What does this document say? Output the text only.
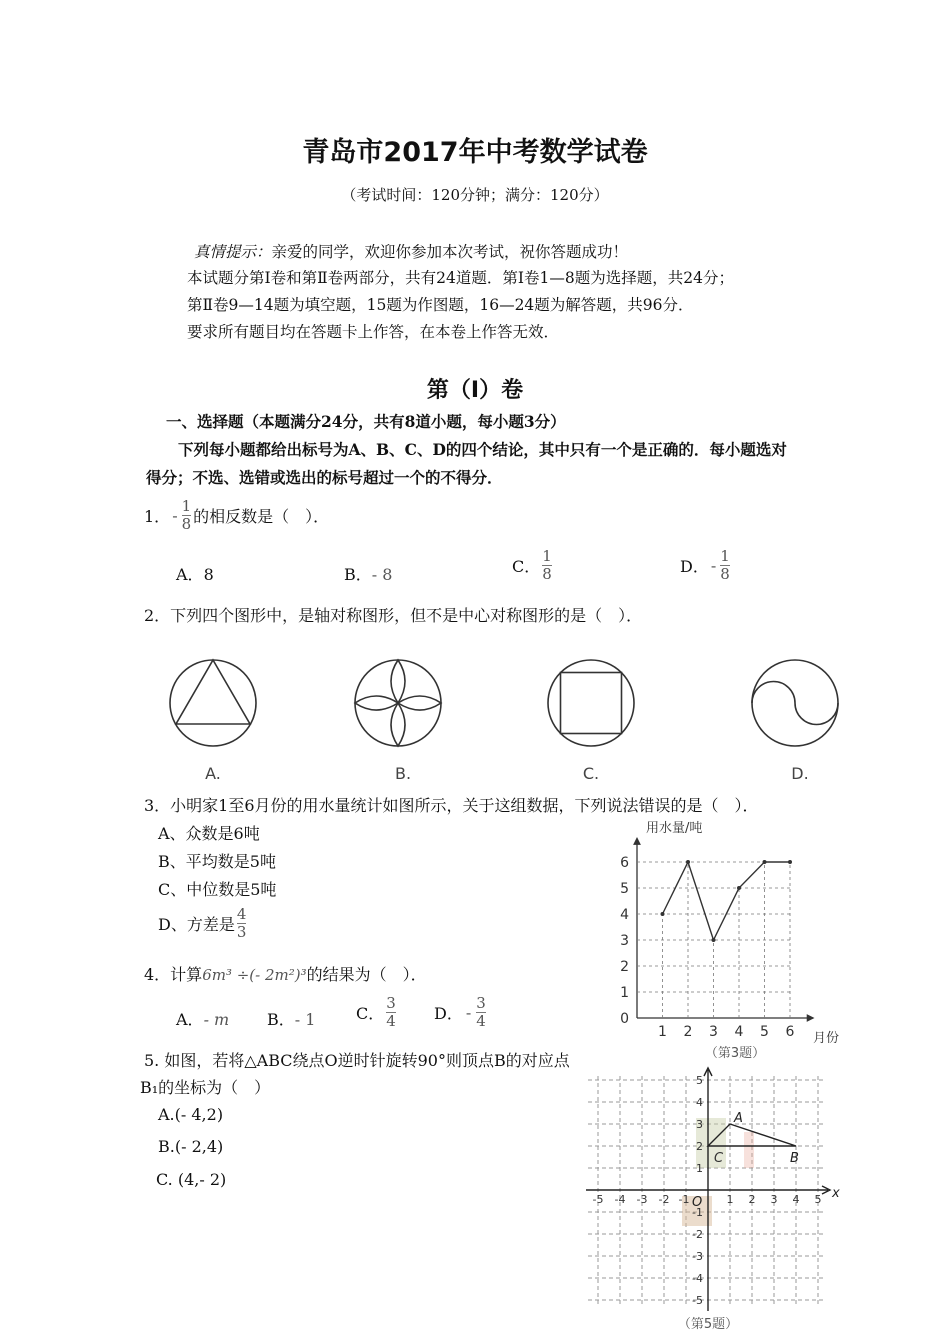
青岛市2017年中考数学试卷
（考试时间：120分钟；满分：120分）
真情提示：亲爱的同学，欢迎你参加本次考试，祝你答题成功！
本试题分第Ⅰ卷和第Ⅱ卷两部分，共有24道题．第Ⅰ卷1—8题为选择题，共24分；
第Ⅱ卷9—14题为填空题，15题为作图题，16—24题为解答题，共96分．
要求所有题目均在答题卡上作答，在本卷上作答无效．
第（Ⅰ）卷
一、选择题（本题满分24分，共有8道小题，每小题3分）
下列每小题都给出标号为A、B、C、D的四个结论，其中只有一个是正确的．每小题选对
得分；不选、选错或选出的标号超过一个的不得分．
1． - $\frac{1}{8}$ 的相反数是（　）．
A．8	B．- 8	C． $\frac{1}{8}$	D． - $\frac{1}{8}$
2．下列四个图形中，是轴对称图形，但不是中心对称图形的是（　）．
A.	B.	C.	D.
3．小明家1至6月份的用水量统计如图所示，关于这组数据，下列说法错误的是（　）．
A、众数是6吨
B、平均数是5吨
C、中位数是5吨
D、方差是 $\frac{4}{3}$
0
1
2
3
4
5
6
1 2 3 4 5 6
用水量/吨
月份
（第3题）
4．计算6m³ ÷(- 2m²)³的结果为（　）．
A．- m B．- 1	C． $\frac{3}{4}$ D． - $\frac{3}{4}$
5. 如图，若将△ABC绕点O逆时针旋转90°则顶点B的对应点
B₁的坐标为（　）
A.(- 4,2)
B.(- 2,4)
C. (4,- 2)
A
B
C
O
x
-5 -4 -3 -2 -1	1 2 3 4 5
5
4
3
2
1
-1
-2
-3
-4
-5
（第5题）
